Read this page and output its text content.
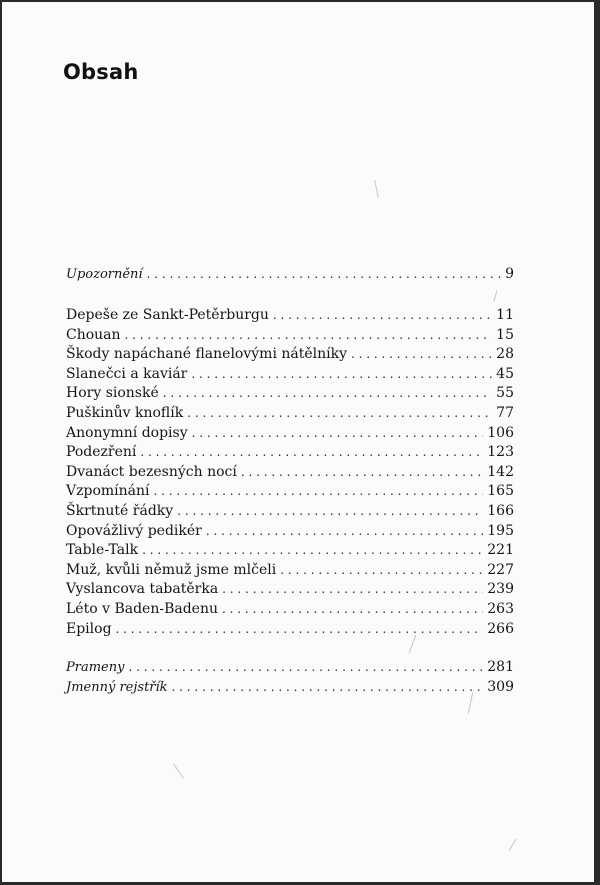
Obsah
Upozornění . . .	9
Depeše ze Sankt-Petěrburgu . . .	11
Chouan . . .	15
Škody napáchané flanelovými nátělníky . . .	28
Slanečci a kaviár . . .	45
Hory sionské . . .	55
Puškinův knoflík . . .	77
Anonymní dopisy . . .	106
Podezření . . .	123
Dvanáct bezesných nocí . . .	142
Vzpomínání . . .	165
Škrtnuté řádky . . .	166
Opovážlivý pedikér . . .	195
Table-Talk . . .	221
Muž, kvůli němuž jsme mlčeli . . .	227
Vyslancova tabatěrka . . .	239
Léto v Baden-Badenu . . .	263
Epilog . . .	266
Prameny . . .	281
Jmenný rejstřík . . .	309
